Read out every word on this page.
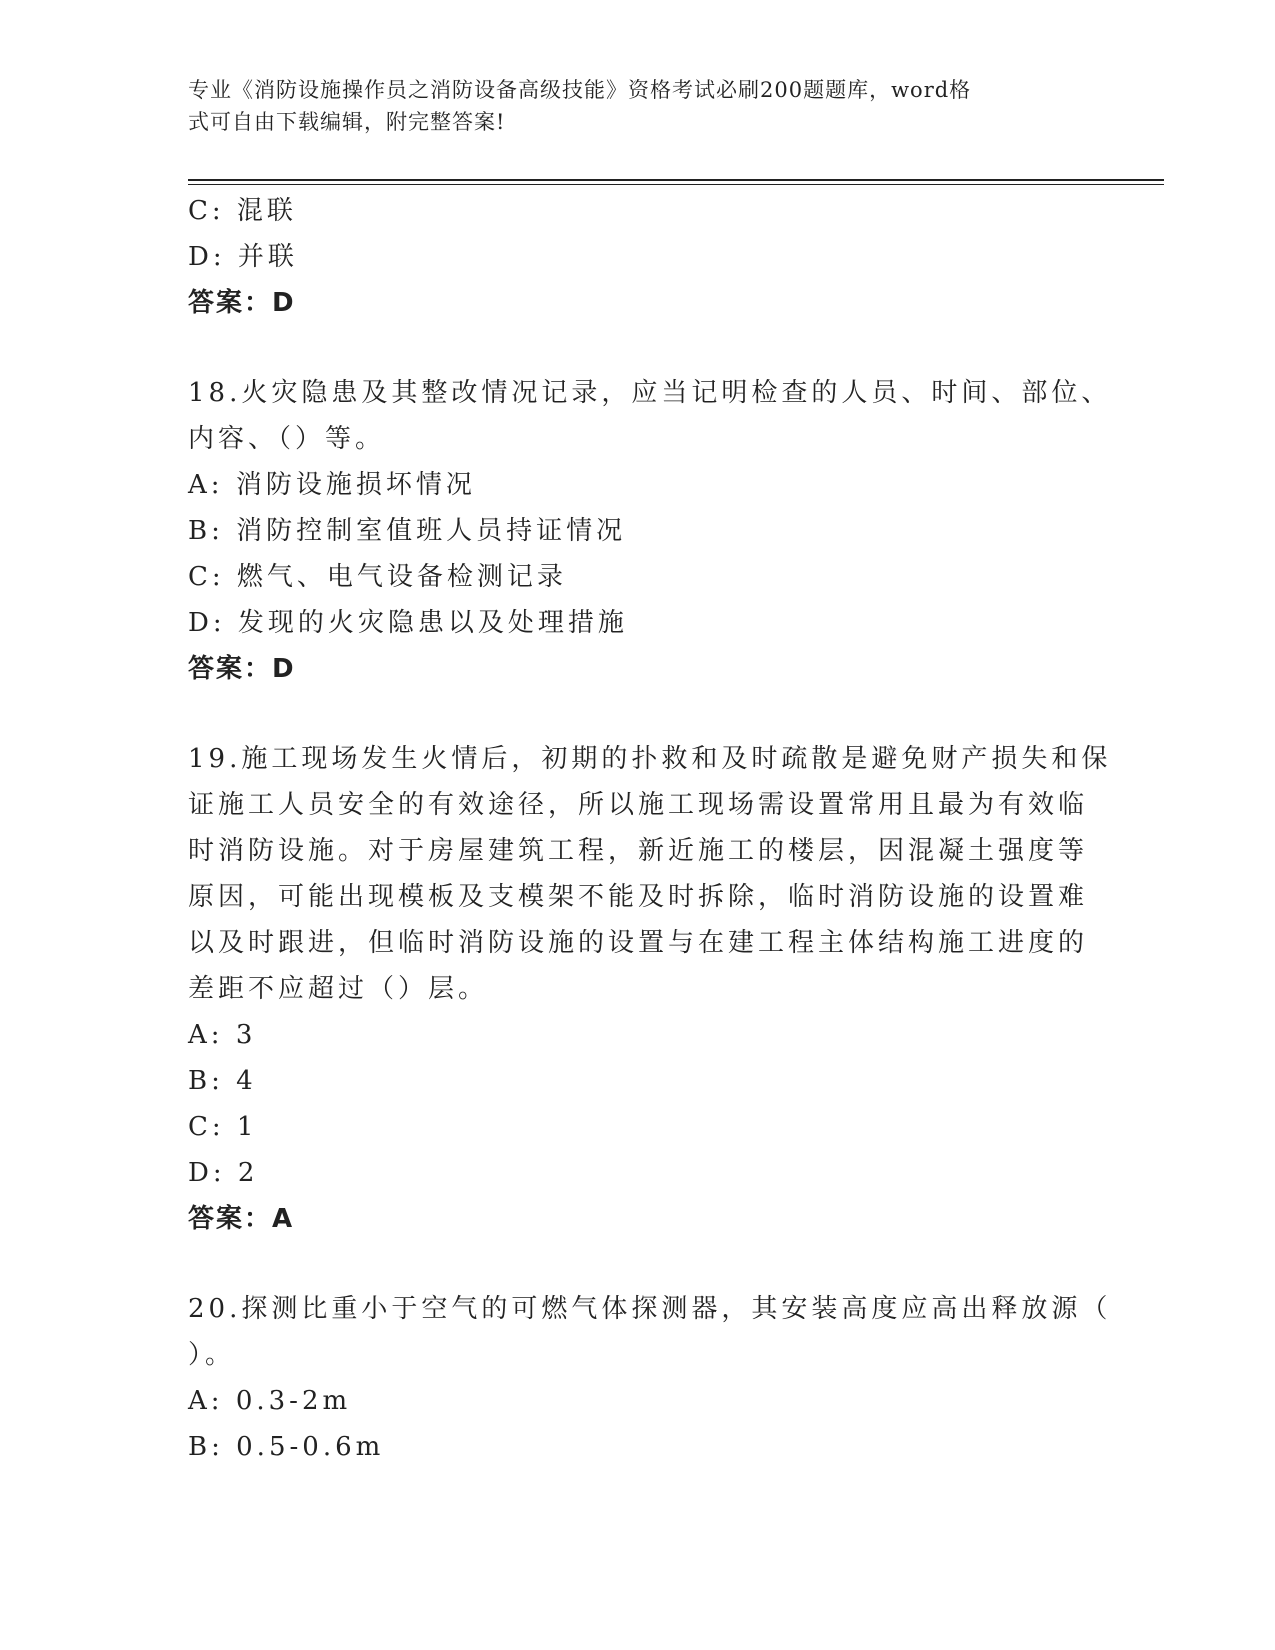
专业《消防设施操作员之消防设备高级技能》资格考试必刷200题题库，word格
式可自由下载编辑，附完整答案!
C: 混联
D: 并联
答案：D
18.火灾隐患及其整改情况记录，应当记明检查的人员、时间、部位、
内容、（）等。
A: 消防设施损坏情况
B: 消防控制室值班人员持证情况
C: 燃气、电气设备检测记录
D: 发现的火灾隐患以及处理措施
答案：D
19.施工现场发生火情后，初期的扑救和及时疏散是避免财产损失和保
证施工人员安全的有效途径，所以施工现场需设置常用且最为有效临
时消防设施。对于房屋建筑工程，新近施工的楼层，因混凝土强度等
原因，可能出现模板及支模架不能及时拆除，临时消防设施的设置难
以及时跟进，但临时消防设施的设置与在建工程主体结构施工进度的
差距不应超过（）层。
A: 3
B: 4
C: 1
D: 2
答案：A
20.探测比重小于空气的可燃气体探测器，其安装高度应高出释放源（
）。
A: 0.3-2m
B: 0.5-0.6m
